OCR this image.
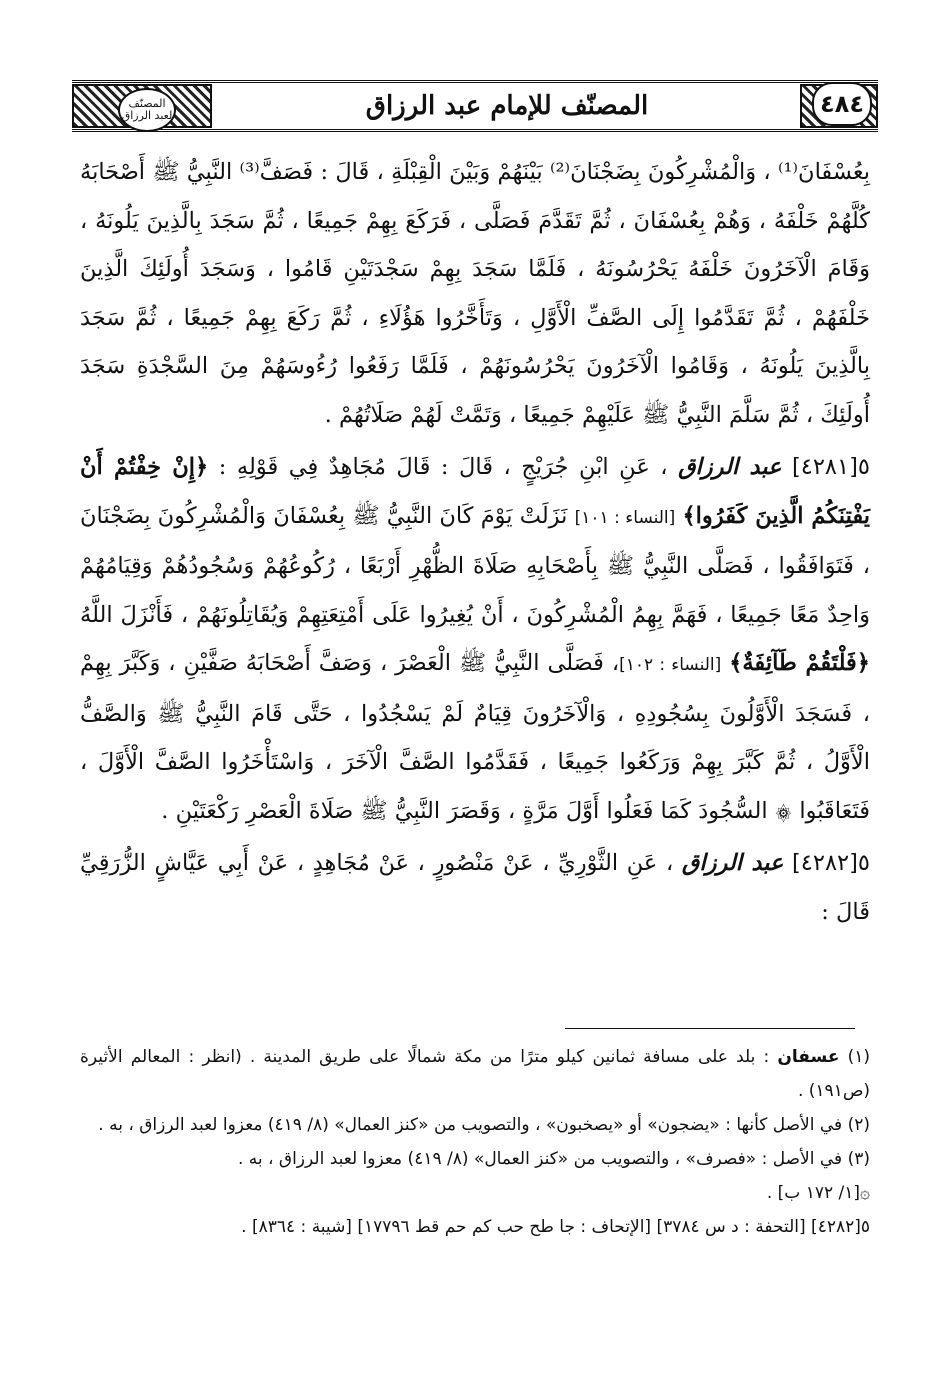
المصنّف لعبد الرزاق	المصنّف للإمام عبد الرزاق	٤٨٤

بِعُسْفَانَ⁽¹⁾ ، وَالْمُشْرِكُونَ بِضَجْنَانَ⁽²⁾ بَيْنَهُمْ وَبَيْنَ الْقِبْلَةِ ، قَالَ : فَصَفَّ⁽³⁾ النَّبِيُّ ﷺ أَصْحَابَهُ كُلَّهُمْ خَلْفَهُ ، وَهُمْ بِعُسْفَانَ ، ثُمَّ تَقَدَّمَ فَصَلَّى ، فَرَكَعَ بِهِمْ جَمِيعًا ، ثُمَّ سَجَدَ بِالَّذِينَ يَلُونَهُ ، وَقَامَ الْآخَرُونَ خَلْفَهُ يَحْرُسُونَهُ ، فَلَمَّا سَجَدَ بِهِمْ سَجْدَتَيْنِ قَامُوا ، وَسَجَدَ أُولَئِكَ الَّذِينَ خَلْفَهُمْ ، ثُمَّ تَقَدَّمُوا إِلَى الصَّفِّ الْأَوَّلِ ، وَتَأَخَّرُوا هَؤُلَاءِ ، ثُمَّ رَكَعَ بِهِمْ جَمِيعًا ، ثُمَّ سَجَدَ بِالَّذِينَ يَلُونَهُ ، وَقَامُوا الْآخَرُونَ يَحْرُسُونَهُمْ ، فَلَمَّا رَفَعُوا رُءُوسَهُمْ مِنَ السَّجْدَةِ سَجَدَ أُولَئِكَ ، ثُمَّ سَلَّمَ النَّبِيُّ ﷺ عَلَيْهِمْ جَمِيعًا ، وَتَمَّتْ لَهُمْ صَلَاتُهُمْ .

٥[٤٢٨١] عبد الرزاق ، عَنِ ابْنِ جُرَيْجٍ ، قَالَ : قَالَ مُجَاهِدٌ فِي قَوْلِهِ : ﴿إِنْ خِفْتُمْ أَنْ يَفْتِنَكُمُ الَّذِينَ كَفَرُوا﴾ [النساء : ١٠١] نَزَلَتْ يَوْمَ كَانَ النَّبِيُّ ﷺ بِعُسْفَانَ وَالْمُشْرِكُونَ بِضَجْنَانَ ، فَتَوَافَقُوا ، فَصَلَّى النَّبِيُّ ﷺ بِأَصْحَابِهِ صَلَاةَ الظُّهْرِ أَرْبَعًا ، رُكُوعُهُمْ وَسُجُودُهُمْ وَقِيَامُهُمْ وَاحِدٌ مَعًا جَمِيعًا ، فَهَمَّ بِهِمُ الْمُشْرِكُونَ ، أَنْ يُغِيرُوا عَلَى أَمْتِعَتِهِمْ وَيُقَاتِلُونَهُمْ ، فَأَنْزَلَ اللَّهُ ﴿فَلْتَقُمْ طَآئِفَةٌ﴾ [النساء : ١٠٢]، فَصَلَّى النَّبِيُّ ﷺ الْعَصْرَ ، وَصَفَّ أَصْحَابَهُ صَفَّيْنِ ، وَكَبَّرَ بِهِمْ ، فَسَجَدَ الْأَوَّلُونَ بِسُجُودِهِ ، وَالْآخَرُونَ قِيَامٌ لَمْ يَسْجُدُوا ، حَتَّى قَامَ النَّبِيُّ ﷺ وَالصَّفُّ الْأَوَّلُ ، ثُمَّ كَبَّرَ بِهِمْ وَرَكَعُوا جَمِيعًا ، فَقَدَّمُوا الصَّفَّ الْآخَرَ ، وَاسْتَأْخَرُوا الصَّفَّ الْأَوَّلَ ، فَتَعَاقَبُوا ۞ السُّجُودَ كَمَا فَعَلُوا أَوَّلَ مَرَّةٍ ، وَقَصَرَ النَّبِيُّ ﷺ صَلَاةَ الْعَصْرِ رَكْعَتَيْنِ .

٥[٤٢٨٢] عبد الرزاق ، عَنِ الثَّوْرِيِّ ، عَنْ مَنْصُورٍ ، عَنْ مُجَاهِدٍ ، عَنْ أَبِي عَيَّاشٍ الزُّرَقِيِّ قَالَ :

(١) عسفان : بلد على مسافة ثمانين كيلو مترًا من مكة شمالًا على طريق المدينة . (انظر : المعالم الأثيرة (ص١٩١) .

(٢) في الأصل كأنها : «يضجون» أو «يصخبون» ، والتصويب من «كنز العمال» (٨/ ٤١٩) معزوا لعبد الرزاق ، به .

(٣) في الأصل : «فصرف» ، والتصويب من «كنز العمال» (٨/ ٤١٩) معزوا لعبد الرزاق ، به .

۞[١/ ١٧٢ ب] .

٥[٤٢٨٢] [التحفة : د س ٣٧٨٤] [الإتحاف : جا طح حب كم حم قط ١٧٧٩٦] [شيبة : ٨٣٦٤] .
